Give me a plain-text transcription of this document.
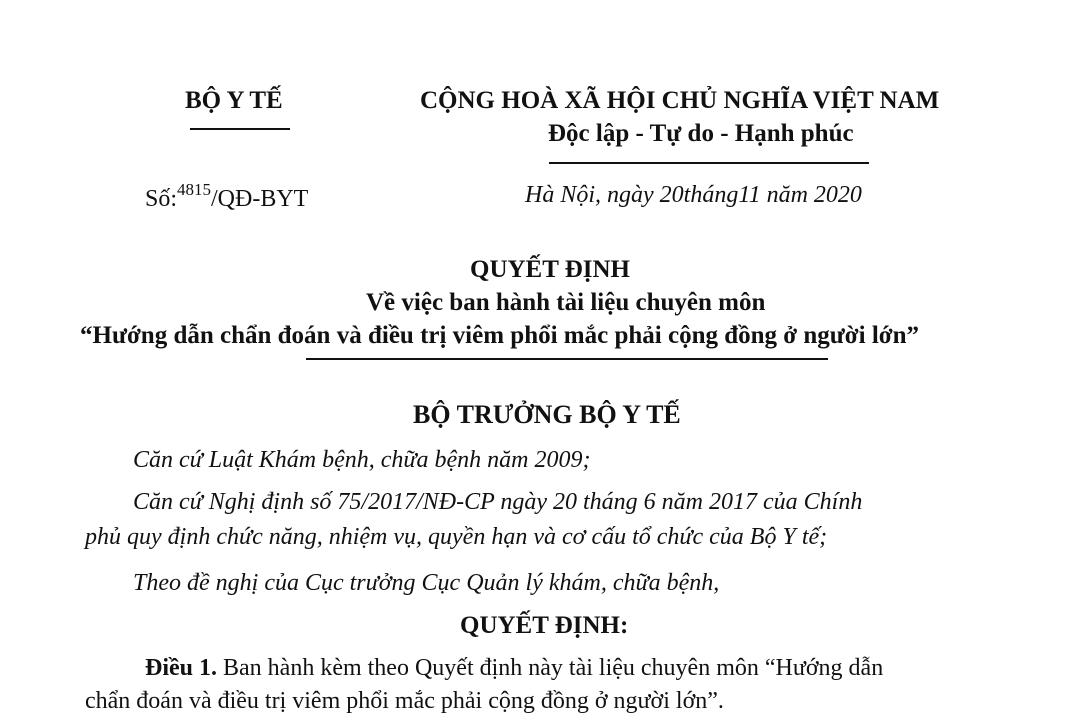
BỘ Y TẾ	CỘNG HOÀ XÃ HỘI CHỦ NGHĨA VIỆT NAM
Độc lập - Tự do - Hạnh phúc
Số:$^{4815}$/QĐ-BYT	Hà Nội, ngày 20tháng11 năm 2020
QUYẾT ĐỊNH
Về việc ban hành tài liệu chuyên môn
“Hướng dẫn chẩn đoán và điều trị viêm phổi mắc phải cộng đồng ở người lớn”
BỘ TRƯỞNG BỘ Y TẾ
Căn cứ Luật Khám bệnh, chữa bệnh năm 2009;
Căn cứ Nghị định số 75/2017/NĐ-CP ngày 20 tháng 6 năm 2017 của Chính
phủ quy định chức năng, nhiệm vụ, quyền hạn và cơ cấu tổ chức của Bộ Y tế;
Theo đề nghị của Cục trưởng Cục Quản lý khám, chữa bệnh,
QUYẾT ĐỊNH:
Điều 1. Ban hành kèm theo Quyết định này tài liệu chuyên môn “Hướng dẫn
chẩn đoán và điều trị viêm phổi mắc phải cộng đồng ở người lớn”.
